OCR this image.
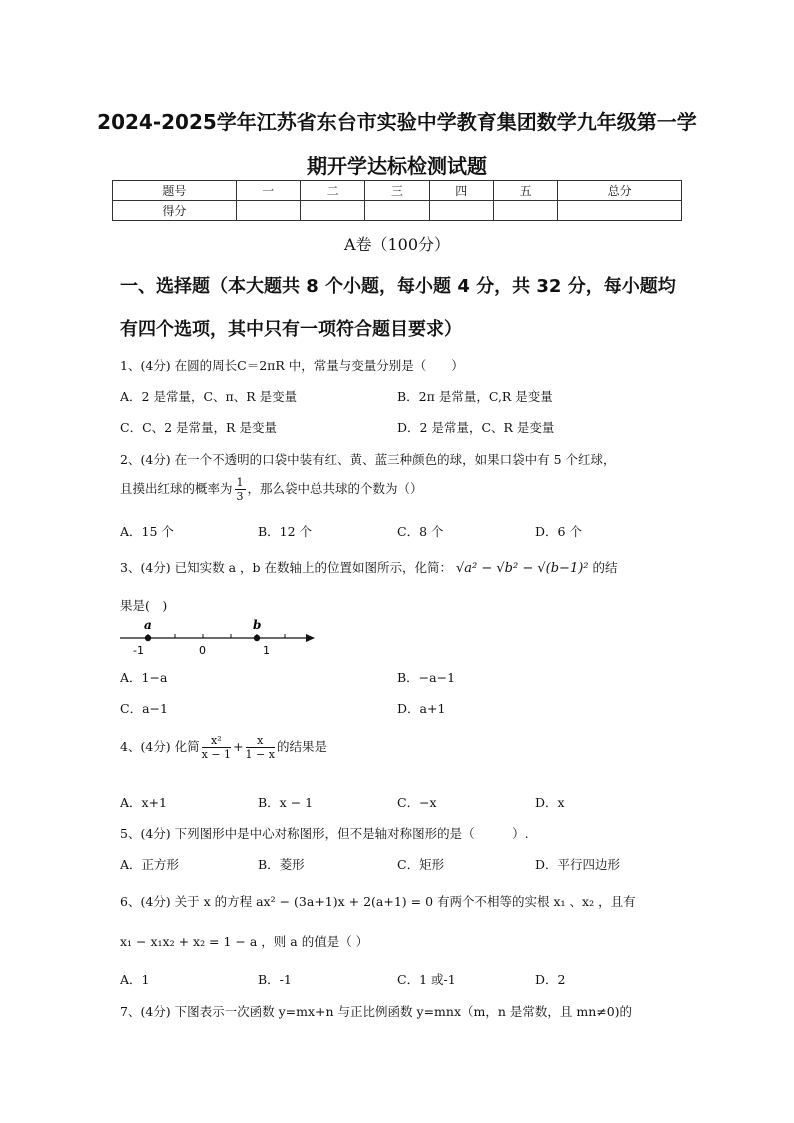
2024-2025学年江苏省东台市实验中学教育集团数学九年级第一学
期开学达标检测试题
题号	一	二	三	四	五	总分
得分						
A卷（100分）
一、选择题（本大题共 8 个小题，每小题 4 分，共 32 分，每小题均
有四个选项，其中只有一项符合题目要求）
1、(4分) 在圆的周长C＝2πR 中，常量与变量分别是（　　）
A．2 是常量，C、π、R 是变量	B．2π 是常量，C,R 是变量
C．C、2 是常量，R 是变量	D．2 是常量，C、R 是变量
2、(4分) 在一个不透明的口袋中装有红、黄、蓝三种颜色的球，如果口袋中有 5 个红球，
且摸出红球的概率为 $\frac{1}{3}$ ，那么袋中总共球的个数为（）
A．15 个	B．12 个	C．8 个	D．6 个
3、(4分) 已知实数 a ，b 在数轴上的位置如图所示，化简： √a² − √b² − √(b−1)² 的结
果是(　)
a	b
-1	0	1
A．1−a	B．−a−1
C．a−1	D．a+1
4、(4分) 化简 $\frac{\text{x²}}{x - 1} + \frac{x}{1 - x}$ 的结果是
A．x+1	B．x − 1	C．−x	D．x
5、(4分) 下列图形中是中心对称图形，但不是轴对称图形的是（　　　）.
A．正方形	B．菱形	C．矩形	D．平行四边形
6、(4分) 关于 x 的方程 ax² − (3a+1)x + 2(a+1) = 0 有两个不相等的实根 x₁ 、x₂ ，且有
x₁ − x₁x₂ + x₂ = 1 − a ，则 a 的值是（ ）
A．1	B．-1	C．1 或-1	D．2
7、(4分) 下图表示一次函数 y=mx+n 与正比例函数 y=mnx（m，n 是常数，且 mn≠0)的
